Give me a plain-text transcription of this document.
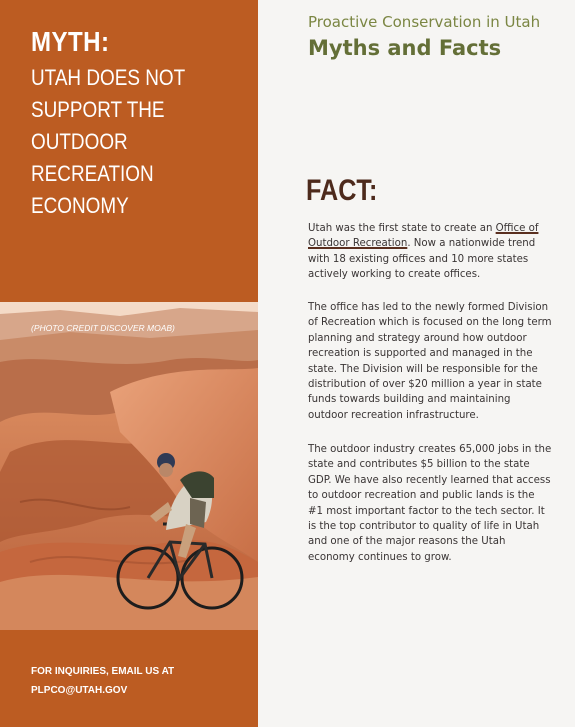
MYTH:
UTAH DOES NOT SUPPORT THE OUTDOOR RECREATION ECONOMY
(PHOTO CREDIT DISCOVER MOAB)
FOR INQUIRIES, EMAIL US AT
PLPCO@UTAH.GOV
Proactive Conservation in Utah
Myths and Facts
FACT:

Utah was the first state to create an Office of Outdoor Recreation. Now a nationwide trend with 18 existing offices and 10 more states actively working to create offices.

The office has led to the newly formed Division of Recreation which is focused on the long term planning and strategy around how outdoor recreation is supported and managed in the state. The Division will be responsible for the distribution of over $20 million a year in state funds towards building and maintaining outdoor recreation infrastructure.

The outdoor industry creates 65,000 jobs in the state and contributes $5 billion to the state GDP. We have also recently learned that access to outdoor recreation and public lands is the #1 most important factor to the tech sector. It is the top contributor to quality of life in Utah and one of the major reasons the Utah economy continues to grow.
